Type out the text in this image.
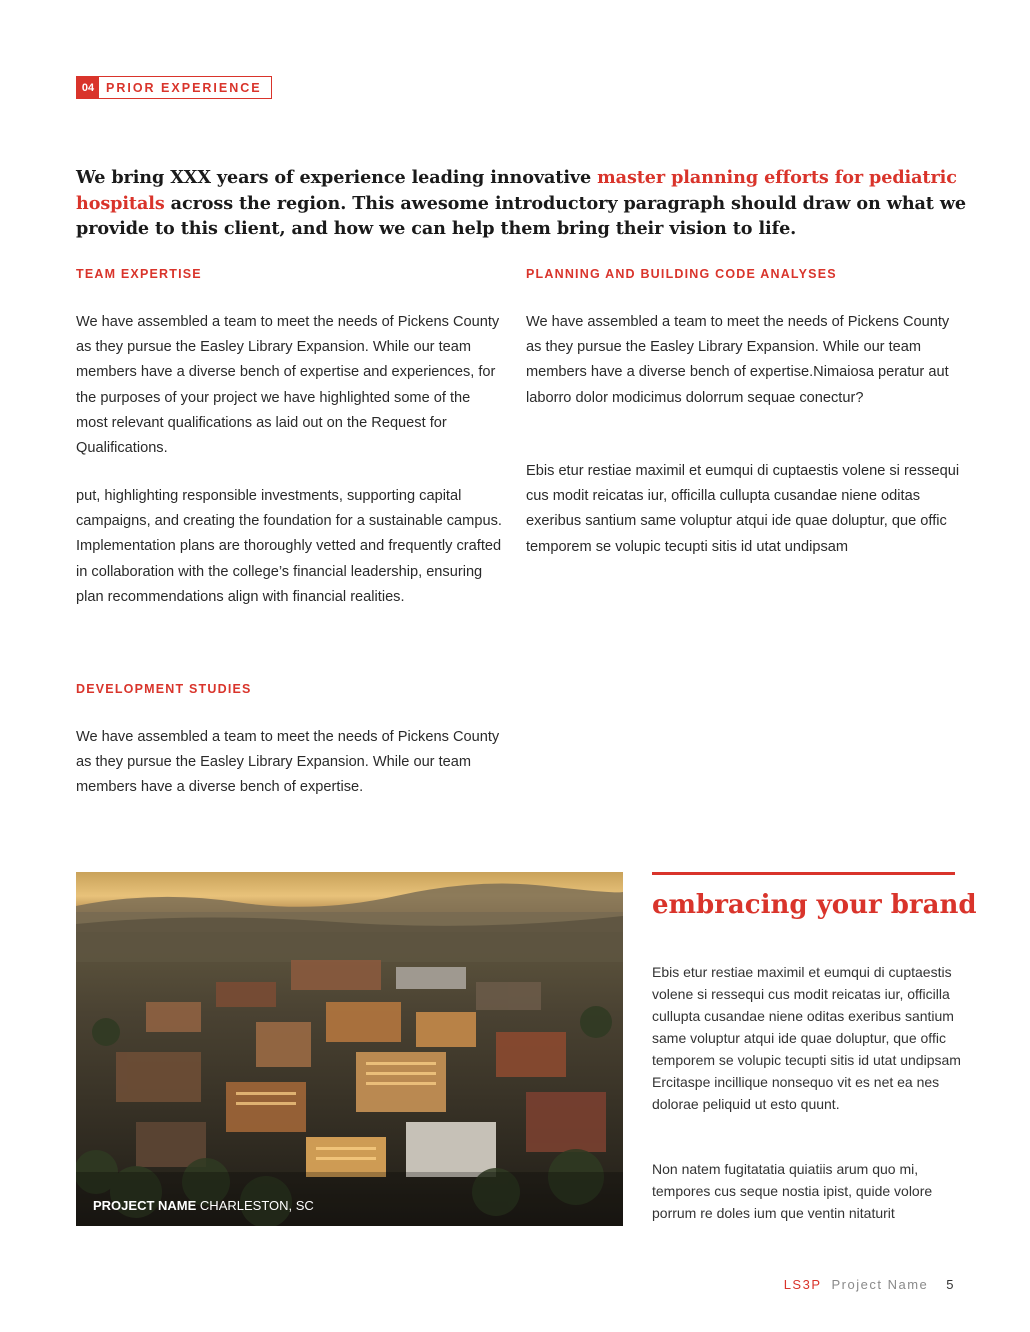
04 PRIOR EXPERIENCE

We bring XXX years of experience leading innovative master planning efforts for pediatric hospitals across the region. This awesome introductory paragraph should draw on what we provide to this client, and how we can help them bring their vision to life.

TEAM EXPERTISE

We have assembled a team to meet the needs of Pickens County as they pursue the Easley Library Expansion. While our team members have a diverse bench of expertise and experiences, for the purposes of your project we have highlighted some of the most relevant qualifications as laid out on the Request for Qualifications.

put, highlighting responsible investments, supporting capital campaigns, and creating the foundation for a sustainable campus. Implementation plans are thoroughly vetted and frequently crafted in collaboration with the college’s financial leadership, ensuring plan recommendations align with financial realities.

PLANNING AND BUILDING CODE ANALYSES

We have assembled a team to meet the needs of Pickens County as they pursue the Easley Library Expansion. While our team members have a diverse bench of expertise.Nimaiosa peratur aut laborro dolor modicimus dolorrum sequae conectur?

Ebis etur restiae maximil et eumqui di cuptaestis volene si ressequi cus modit reicatas iur, officilla cullupta cusandae niene oditas exeribus santium same voluptur atqui ide quae doluptur, que offic temporem se volupic tecupti sitis id utat undipsam

DEVELOPMENT STUDIES

We have assembled a team to meet the needs of Pickens County as they pursue the Easley Library Expansion. While our team members have a diverse bench of expertise.

PROJECT NAME CHARLESTON, SC
embracing your brand

Ebis etur restiae maximil et eumqui di cuptaestis volene si ressequi cus modit reicatas iur, officilla cullupta cusandae niene oditas exeribus santium same voluptur atqui ide quae doluptur, que offic temporem se volupic tecupti sitis id utat undipsam Ercitaspe incillique nonsequo vit es net ea nes dolorae peliquid ut esto quunt.

Non natem fugitatatia quiatiis arum quo mi, tempores cus seque nostia ipist, quide volore porrum re doles ium que ventin nitaturit

LS3P Project Name 5
